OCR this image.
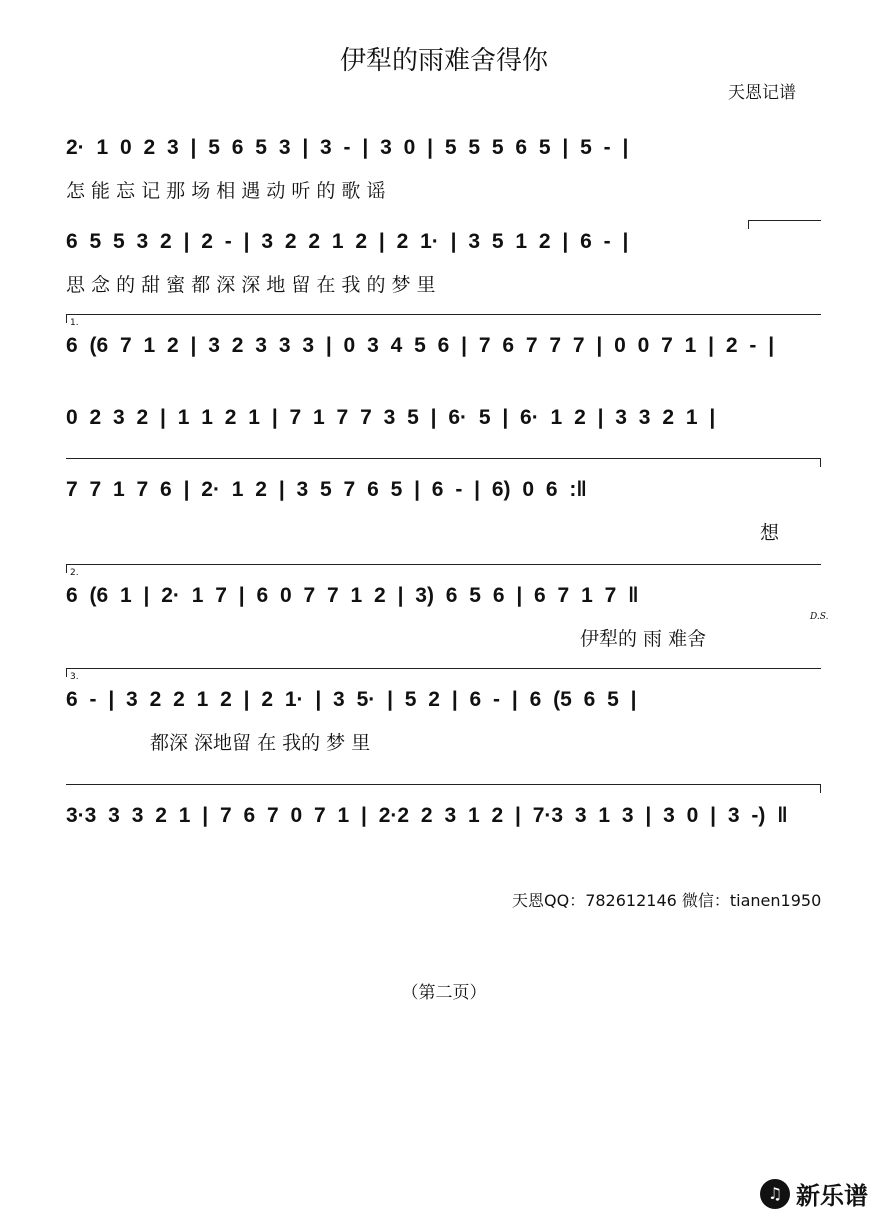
伊犁的雨难舍得你
天恩记谱
2· 1 0 2 3 | 5 6 5 3 | 3 - | 3 0 | 5 5 5 6 5 | 5 - |
怎 能 忘 记 那 场 相 遇 动 听 的 歌 谣
6 5 5 3 2 | 2 - | 3 2 2 1 2 | 2 1· | 3 5 1 2 | 6 - |
思 念 的 甜 蜜 都 深 深 地 留 在 我 的 梦 里
1.
6 (6 7 1 2 | 3 2 3 3 3 | 0 3 4 5 6 | 7 6 7 7 7 | 0 0 7 1 | 2 - |
0 2 3 2 | 1 1 2 1 | 7 1 7 7 3 5 | 6· 5 | 6· 1 2 | 3 3 2 1 |
7 7 1 7 6 | 2· 1 2 | 3 5 7 6 5 | 6 - | 6) 0 6 :‖
想
2.
6 (6 1 | 2· 1 7 | 6 0 7 7 1 2 | 3) 6 5 6 | 6 7 1 7 ‖
伊犁的 雨 难舍
D.S.
3.
6 - | 3 2 2 1 2 | 2 1· | 3 5· | 5 2 | 6 - | 6 (5 6 5 |
都深 深地留 在 我的 梦 里
3·3 3 3 2 1 | 7 6 7 0 7 1 | 2·2 2 3 1 2 | 7·3 3 1 3 | 3 0 | 3 -) ‖
天恩QQ：782612146 微信：tianen1950
（第二页）
♫ 新乐谱
